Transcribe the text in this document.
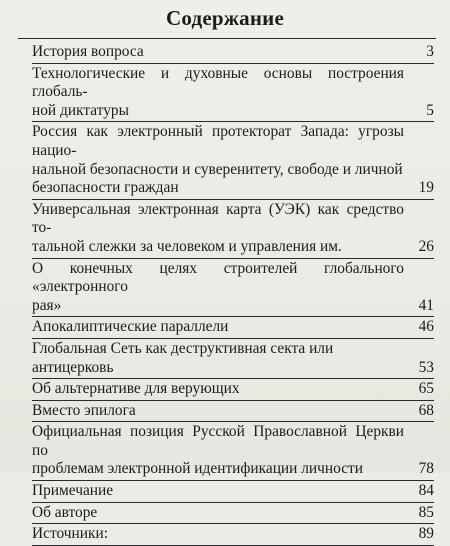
Содержание
История вопроса	3
Технологические и духовные основы построения глобаль-
ной диктатуры	5
Россия как электронный протекторат Запада: угрозы нацио-
нальной безопасности и суверенитету, свободе и личной
безопасности граждан	19
Универсальная электронная карта (УЭК) как средство то-
тальной слежки за человеком и управления им.	26
О конечных целях строителей глобального «электронного
рая»	41
Апокалиптические параллели	46
Глобальная Сеть как деструктивная секта или
антицерковь	53
Об альтернативе для верующих	65
Вместо эпилога	68
Официальная позиция Русской Православной Церкви по
проблемам электронной идентификации личности	78
Примечание	84
Об авторе	85
Источники:	89
